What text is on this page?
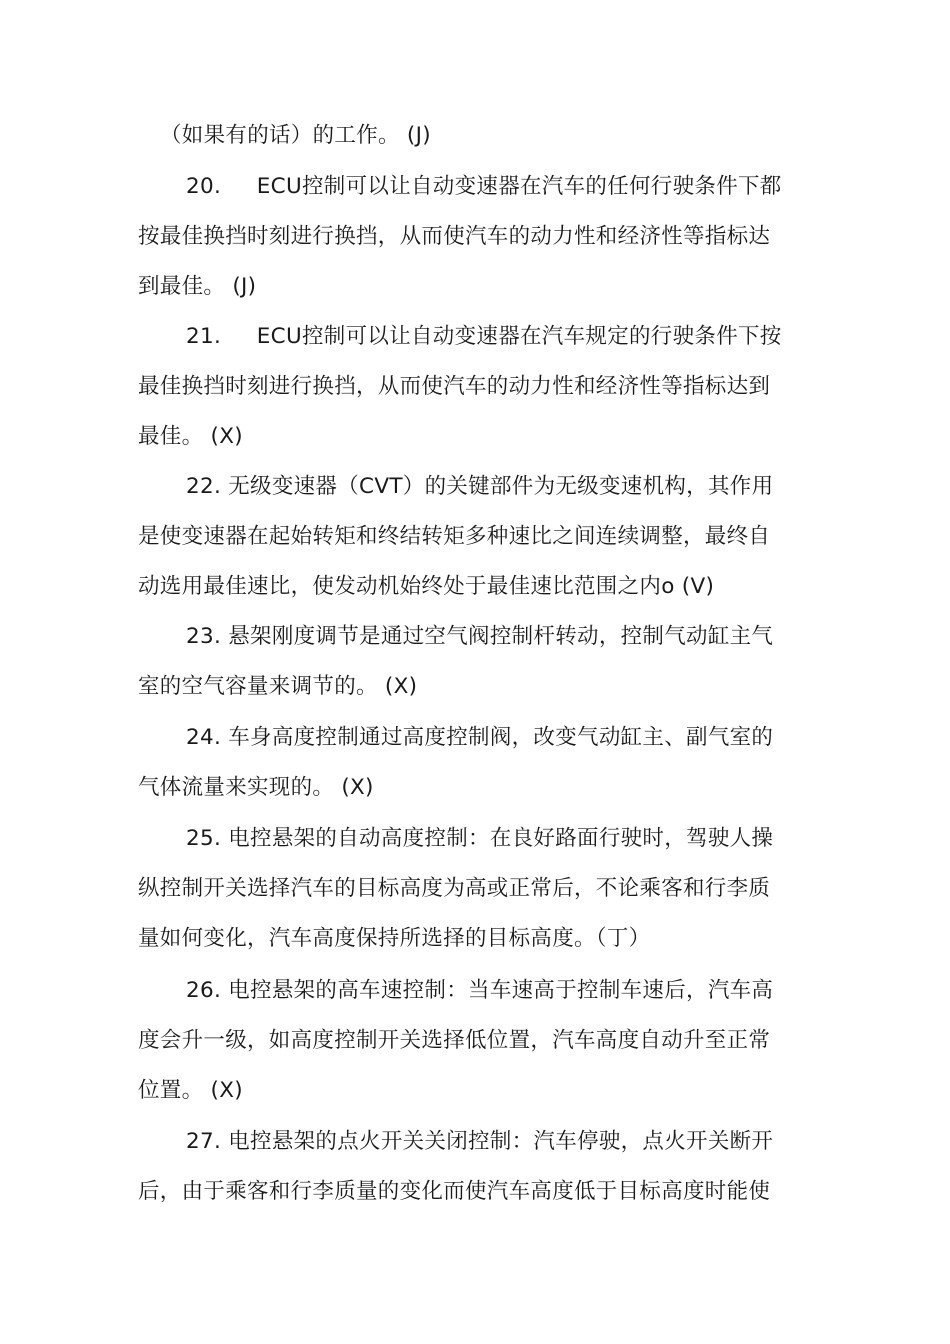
（如果有的话）的工作。 (J)
20.     ECU控制可以让自动变速器在汽车的任何行驶条件下都
按最佳换挡时刻进行换挡，从而使汽车的动力性和经济性等指标达
到最佳。 (J)
21.     ECU控制可以让自动变速器在汽车规定的行驶条件下按
最佳换挡时刻进行换挡，从而使汽车的动力性和经济性等指标达到
最佳。 (X)
22. 无级变速器（CVT）的关键部件为无级变速机构，其作用
是使变速器在起始转矩和终结转矩多种速比之间连续调整，最终自
动选用最佳速比，使发动机始终处于最佳速比范围之内o (V)
23. 悬架刚度调节是通过空气阀控制杆转动，控制气动缸主气
室的空气容量来调节的。 (X)
24. 车身高度控制通过高度控制阀，改变气动缸主、副气室的
气体流量来实现的。 (X)
25. 电控悬架的自动高度控制：在良好路面行驶时，驾驶人操
纵控制开关选择汽车的目标高度为高或正常后，不论乘客和行李质
量如何变化，汽车高度保持所选择的目标高度。（丁）
26. 电控悬架的高车速控制：当车速高于控制车速后，汽车高
度会升一级，如高度控制开关选择低位置，汽车高度自动升至正常
位置。 (X)
27. 电控悬架的点火开关关闭控制：汽车停驶，点火开关断开
后，由于乘客和行李质量的变化而使汽车高度低于目标高度时能使
